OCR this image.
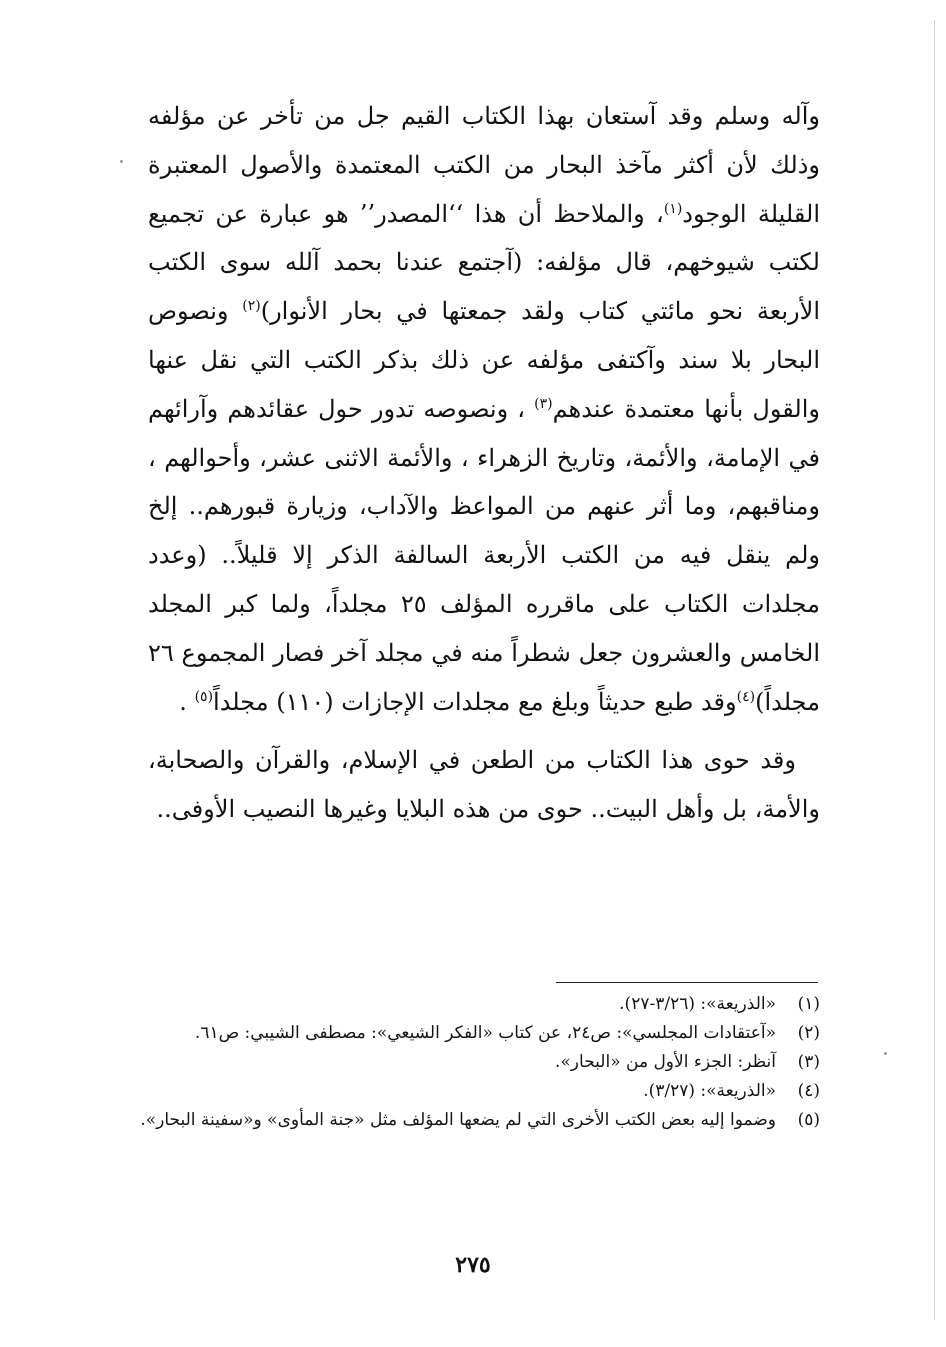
وآله وسلم وقد آستعان بهذا الكتاب القيم جل من تأخر عن مؤلفه وذلك لأن أكثر مآخذ البحار من الكتب المعتمدة والأصول المعتبرة القليلة الوجود$^{(١)}$، والملاحظ أن هذا ‘‘المصدر’’ هو عبارة عن تجميع لكتب شيوخهم، قال مؤلفه: (آجتمع عندنا بحمد آلله سوى الكتب الأربعة نحو مائتي كتاب ولقد جمعتها في بحار الأنوار)$^{(٢)}$ ونصوص البحار بلا سند وآكتفى مؤلفه عن ذلك بذكر الكتب التي نقل عنها والقول بأنها معتمدة عندهم$^{(٣)}$ ، ونصوصه تدور حول عقائدهم وآرائهم في الإمامة، والأئمة، وتاريخ الزهراء ، والأئمة الاثنى عشر، وأحوالهم ، ومناقبهم، وما أثر عنهم من المواعظ والآداب، وزيارة قبورهم.. إلخ ولم ينقل فيه من الكتب الأربعة السالفة الذكر إلا قليلاً.. (وعدد مجلدات الكتاب على ماقرره المؤلف ٢٥ مجلداً، ولما كبر المجلد الخامس والعشرون جعل شطراً منه في مجلد آخر فصار المجموع ٢٦ مجلداً)$^{(٤)}$وقد طبع حديثاً وبلغ مع مجلدات الإجازات (١١٠) مجلداً$^{(٥)}$ .

وقد حوى هذا الكتاب من الطعن في الإسلام، والقرآن والصحابة، والأمة، بل وأهل البيت.. حوى من هذه البلايا وغيرها النصيب الأوفى..

(١)
«الذريعة»: (٣/٢٦-٢٧).
(٢)
«آعتقادات المجلسي»: ص٢٤، عن كتاب «الفكر الشيعي»: مصطفى الشيبي: ص٦١.
(٣)
آنظر: الجزء الأول من «البحار».
(٤)
«الذريعة»: (٣/٢٧).
(٥)
وضموا إليه بعض الكتب الأخرى التي لم يضعها المؤلف مثل «جنة المأوى» و«سفينة البحار».
٢٧٥
